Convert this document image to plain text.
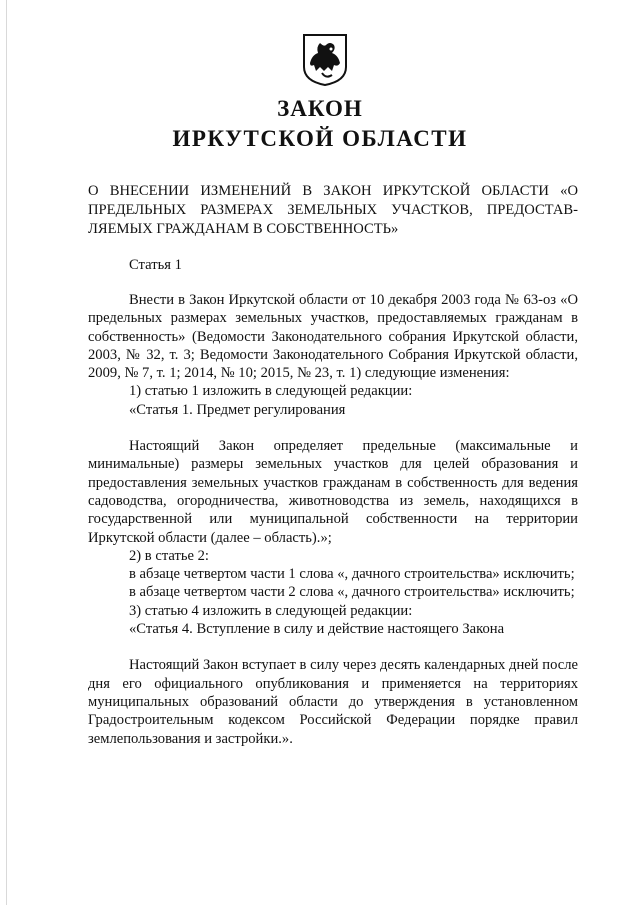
ЗАКОН
ИРКУТСКОЙ ОБЛАСТИ
О ВНЕСЕНИИ ИЗМЕНЕНИЙ В ЗАКОН ИРКУТСКОЙ ОБЛАСТИ «О ПРЕДЕЛЬНЫХ РАЗМЕРАХ ЗЕМЕЛЬНЫХ УЧАСТКОВ, ПРЕДОСТАВ-
ЛЯЕМЫХ ГРАЖДАНАМ В СОБСТВЕННОСТЬ»
Статья 1

Внести в Закон Иркутской области от 10 декабря 2003 года № 63-оз «О предельных размерах земельных участков, предоставляемых гражданам в собственность» (Ведомости Законодательного собрания Иркутской области, 2003, № 32, т. 3; Ведомости Законодательного Собрания Иркутской области, 2009, № 7, т. 1; 2014, № 10; 2015, № 23, т. 1) следующие изменения:

1) статью 1 изложить в следующей редакции:

«Статья 1. Предмет регулирования

Настоящий Закон определяет предельные (максимальные и минимальные) размеры земельных участков для целей образования и предоставления земельных участков гражданам в собственность для ведения садоводства, огородничества, животноводства из земель, находящихся в государственной или муниципальной собственности на территории Иркутской области (далее – область).»;

2) в статье 2:

в абзаце четвертом части 1 слова «, дачного строительства» исключить;

в абзаце четвертом части 2 слова «, дачного строительства» исключить;

3) статью 4 изложить в следующей редакции:

«Статья 4. Вступление в силу и действие настоящего Закона

Настоящий Закон вступает в силу через десять календарных дней после дня его официального опубликования и применяется на территориях муниципальных образований области до утверждения в установленном Градостроительным кодексом Российской Федерации порядке правил землепользования и застройки.».
